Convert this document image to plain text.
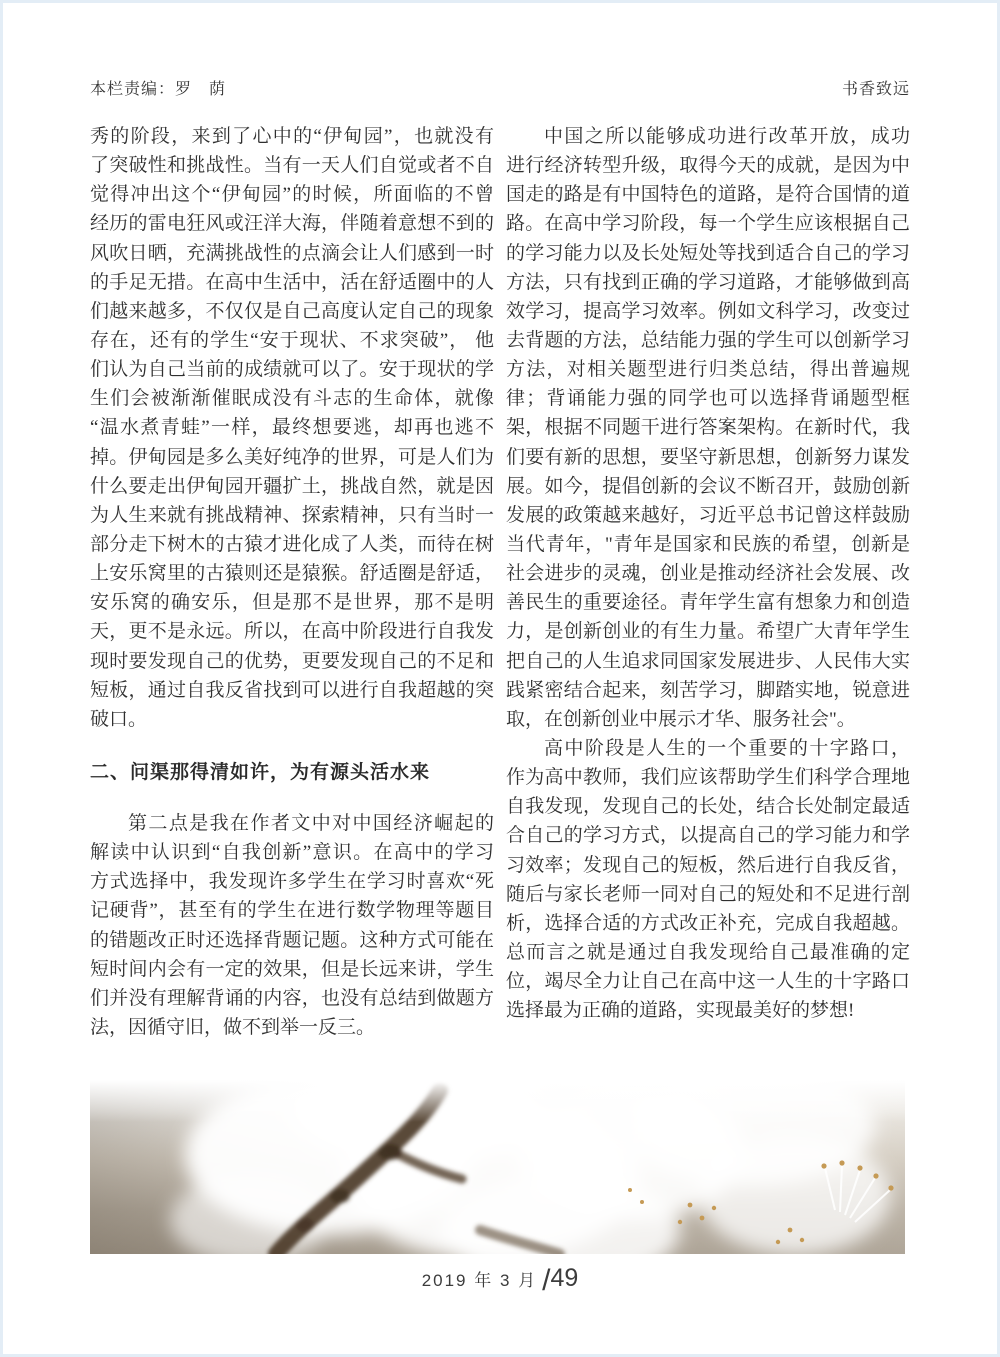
本栏责编：罗　荫	书香致远
秀的阶段，来到了心中的“伊甸园”，也就没有
了突破性和挑战性。当有一天人们自觉或者不自
觉得冲出这个“伊甸园”的时候，所面临的不曾
经历的雷电狂风或汪洋大海，伴随着意想不到的
风吹日晒，充满挑战性的点滴会让人们感到一时
的手足无措。在高中生活中，活在舒适圈中的人
们越来越多，不仅仅是自己高度认定自己的现象
存在，还有的学生“安于现状、不求突破”， 他
们认为自己当前的成绩就可以了。安于现状的学
生们会被渐渐催眠成没有斗志的生命体，就像
“温水煮青蛙”一样，最终想要逃，却再也逃不
掉。伊甸园是多么美好纯净的世界，可是人们为
什么要走出伊甸园开疆扩土，挑战自然，就是因
为人生来就有挑战精神、探索精神，只有当时一
部分走下树木的古猿才进化成了人类，而待在树
上安乐窝里的古猿则还是猿猴。舒适圈是舒适，
安乐窝的确安乐，但是那不是世界，那不是明
天，更不是永远。所以，在高中阶段进行自我发
现时要发现自己的优势，更要发现自己的不足和
短板，通过自我反省找到可以进行自我超越的突
破口。
二、问渠那得清如许，为有源头活水来
第二点是我在作者文中对中国经济崛起的
解读中认识到“自我创新”意识。在高中的学习
方式选择中，我发现许多学生在学习时喜欢“死
记硬背”，甚至有的学生在进行数学物理等题目
的错题改正时还选择背题记题。这种方式可能在
短时间内会有一定的效果，但是长远来讲，学生
们并没有理解背诵的内容，也没有总结到做题方
法，因循守旧，做不到举一反三。
中国之所以能够成功进行改革开放，成功
进行经济转型升级，取得今天的成就，是因为中
国走的路是有中国特色的道路，是符合国情的道
路。在高中学习阶段，每一个学生应该根据自己
的学习能力以及长处短处等找到适合自己的学习
方法，只有找到正确的学习道路，才能够做到高
效学习，提高学习效率。例如文科学习，改变过
去背题的方法，总结能力强的学生可以创新学习
方法，对相关题型进行归类总结，得出普遍规
律；背诵能力强的同学也可以选择背诵题型框
架，根据不同题干进行答案架构。在新时代，我
们要有新的思想，要坚守新思想，创新努力谋发
展。如今，提倡创新的会议不断召开，鼓励创新
发展的政策越来越好，习近平总书记曾这样鼓励
当代青年，"青年是国家和民族的希望，创新是
社会进步的灵魂，创业是推动经济社会发展、改
善民生的重要途径。青年学生富有想象力和创造
力，是创新创业的有生力量。希望广大青年学生
把自己的人生追求同国家发展进步、人民伟大实
践紧密结合起来，刻苦学习，脚踏实地，锐意进
取，在创新创业中展示才华、服务社会"。
高中阶段是人生的一个重要的十字路口，
作为高中教师，我们应该帮助学生们科学合理地
自我发现，发现自己的长处，结合长处制定最适
合自己的学习方式，以提高自己的学习能力和学
习效率；发现自己的短板，然后进行自我反省，
随后与家长老师一同对自己的短处和不足进行剖
析，选择合适的方式改正补充，完成自我超越。
总而言之就是通过自我发现给自己最准确的定
位，竭尽全力让自己在高中这一人生的十字路口
选择最为正确的道路，实现最美好的梦想!
2019 年 3 月 /49
